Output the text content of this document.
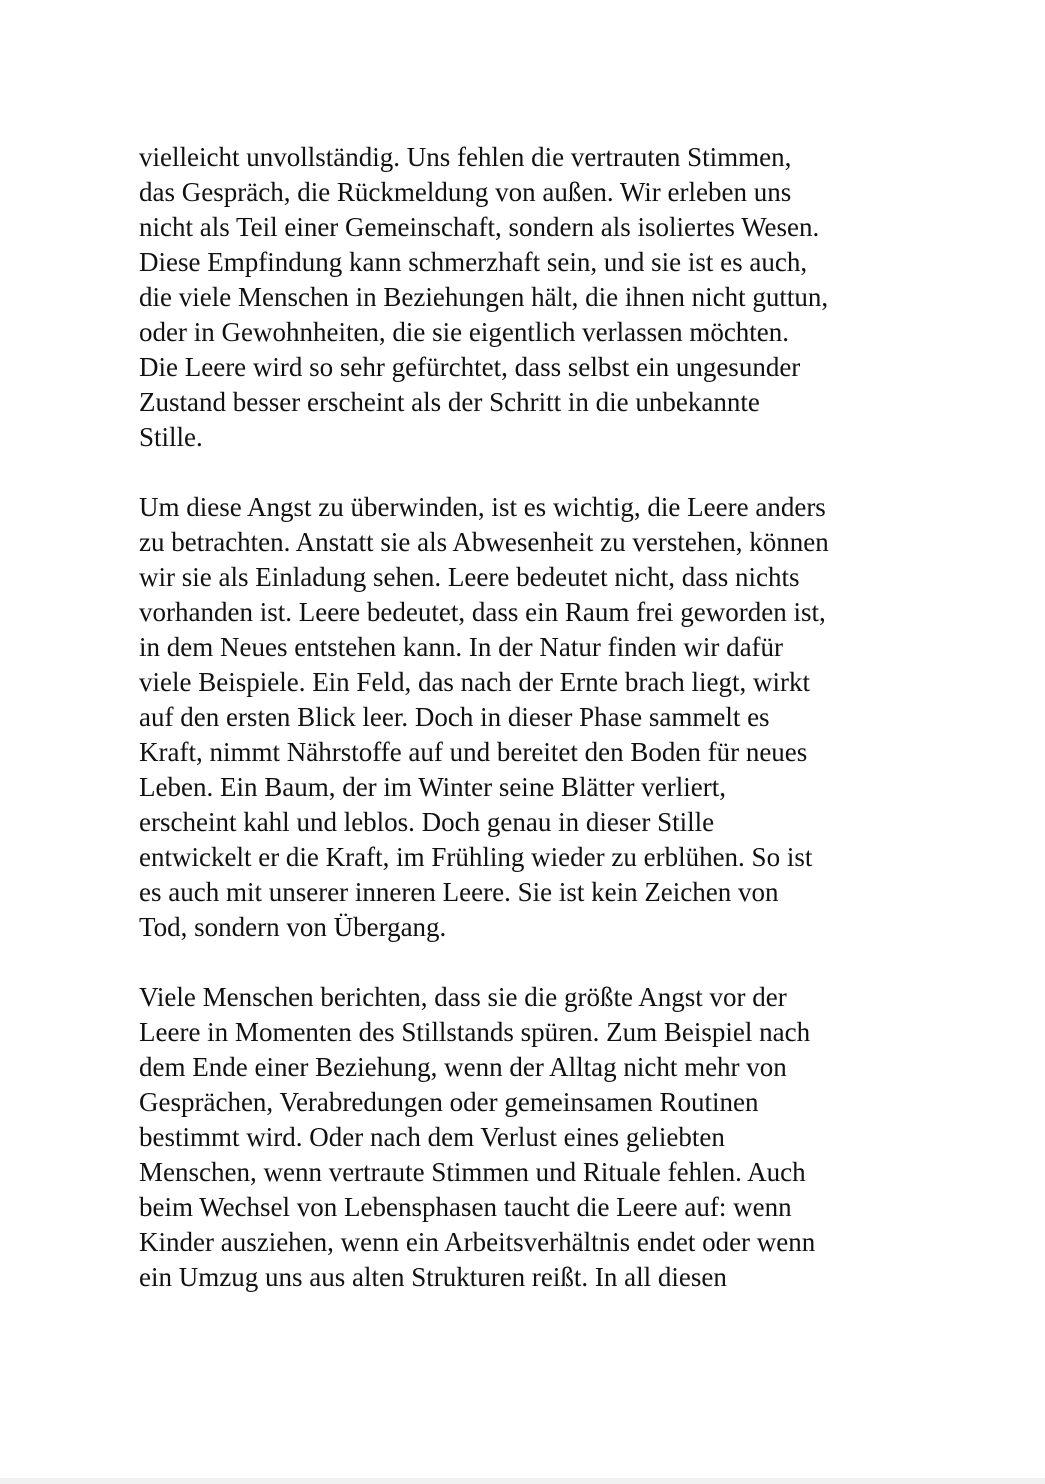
vielleicht unvollständig. Uns fehlen die vertrauten Stimmen,
das Gespräch, die Rückmeldung von außen. Wir erleben uns
nicht als Teil einer Gemeinschaft, sondern als isoliertes Wesen.
Diese Empfindung kann schmerzhaft sein, und sie ist es auch,
die viele Menschen in Beziehungen hält, die ihnen nicht guttun,
oder in Gewohnheiten, die sie eigentlich verlassen möchten.
Die Leere wird so sehr gefürchtet, dass selbst ein ungesunder
Zustand besser erscheint als der Schritt in die unbekannte
Stille.

Um diese Angst zu überwinden, ist es wichtig, die Leere anders
zu betrachten. Anstatt sie als Abwesenheit zu verstehen, können
wir sie als Einladung sehen. Leere bedeutet nicht, dass nichts
vorhanden ist. Leere bedeutet, dass ein Raum frei geworden ist,
in dem Neues entstehen kann. In der Natur finden wir dafür
viele Beispiele. Ein Feld, das nach der Ernte brach liegt, wirkt
auf den ersten Blick leer. Doch in dieser Phase sammelt es
Kraft, nimmt Nährstoffe auf und bereitet den Boden für neues
Leben. Ein Baum, der im Winter seine Blätter verliert,
erscheint kahl und leblos. Doch genau in dieser Stille
entwickelt er die Kraft, im Frühling wieder zu erblühen. So ist
es auch mit unserer inneren Leere. Sie ist kein Zeichen von
Tod, sondern von Übergang.

Viele Menschen berichten, dass sie die größte Angst vor der
Leere in Momenten des Stillstands spüren. Zum Beispiel nach
dem Ende einer Beziehung, wenn der Alltag nicht mehr von
Gesprächen, Verabredungen oder gemeinsamen Routinen
bestimmt wird. Oder nach dem Verlust eines geliebten
Menschen, wenn vertraute Stimmen und Rituale fehlen. Auch
beim Wechsel von Lebensphasen taucht die Leere auf: wenn
Kinder ausziehen, wenn ein Arbeitsverhältnis endet oder wenn
ein Umzug uns aus alten Strukturen reißt. In all diesen
